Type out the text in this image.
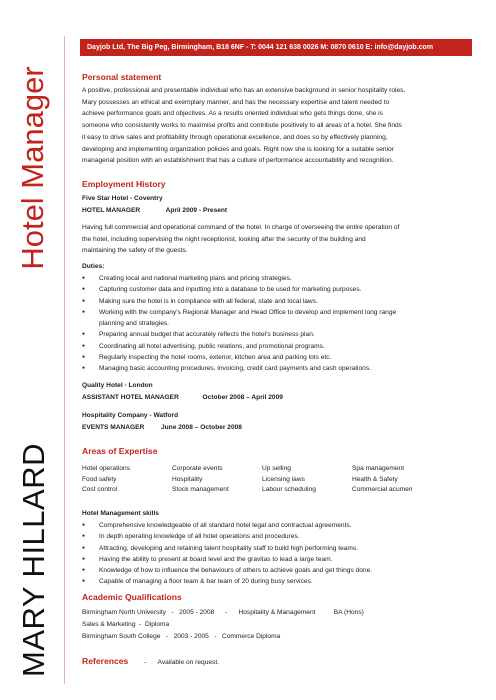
Hotel Manager
MARY HILLARD
Dayjob Ltd, The Big Peg, Birmingham, B18 6NF - T: 0044 121 638 0026 M: 0870 0610 E: info@dayjob.com
Personal statement
A positive, professional and presentable individual who has an extensive background in senior hospitality roles.
Mary possesses an ethical and exemplary manner, and has the necessary expertise and talent needed to
achieve performance goals and objectives. As a results oriented individual who gets things done, she is
someone who consistently works to maximise profits and contribute positively to all areas of a hotel. She finds
it easy to drive sales and profitability through operational excellence, and does so by effectively planning,
developing and implementing organization policies and goals. Right now she is looking for a suitable senior
managerial position with an establishment that has a culture of performance accountability and recognition.
Employment History
Five Star Hotel - Coventry
HOTEL MANAGER	April 2009 - Present
Having full commercial and operational command of the hotel. In charge of overseeing the entire operation of
the hotel, including supervising the night receptionist, looking after the security of the building and
maintaining the safety of the guests.
Duties:
● Creating local and national marketing plans and pricing strategies.
● Capturing customer data and inputting into a database to be used for marketing purposes.
● Making sure the hotel is in compliance with all federal, state and local laws.
● Working with the company's Regional Manager and Head Office to develop and implement long range planning and strategies.
● Preparing annual budget that accurately reflects the hotel's business plan.
● Coordinating all hotel advertising, public relations, and promotional programs.
● Regularly inspecting the hotel rooms, exterior, kitchen area and parking lots etc.
● Managing basic accounting procedures, invoicing, credit card payments and cash operations.
Quality Hotel - London
ASSISTANT HOTEL MANAGER	October 2008 – April 2009
Hospitality Company - Watford
EVENTS MANAGER	June 2008 – October 2008
Areas of Expertise
Hotel operations	Corporate events	Up selling	Spa management
Food safety	Hospitality	Licensing laws	Health & Safety
Cost control	Stock management	Labour scheduling	Commercial acumen
Hotel Management skills
● Comprehensive knowledgeable of all standard hotel legal and contractual agreements.
● In depth operating knowledge of all hotel operations and procedures.
● Attracting, developing and retaining talent hospitality staff to build high performing teams.
● Having the ability to present at board level and the gravitas to lead a large team.
● Knowledge of how to influence the behaviours of others to achieve goals and get things done.
● Capable of managing a floor team & bar team of 20 during busy services.
Academic Qualifications
Birmingham North University   -   2005 - 2008      -      Hospitality & Management          BA (Hons)
Sales & Marketing  -  Diploma
Birmingham South College   -   2003 - 2005   -   Commerce Diploma
References - Available on request.
